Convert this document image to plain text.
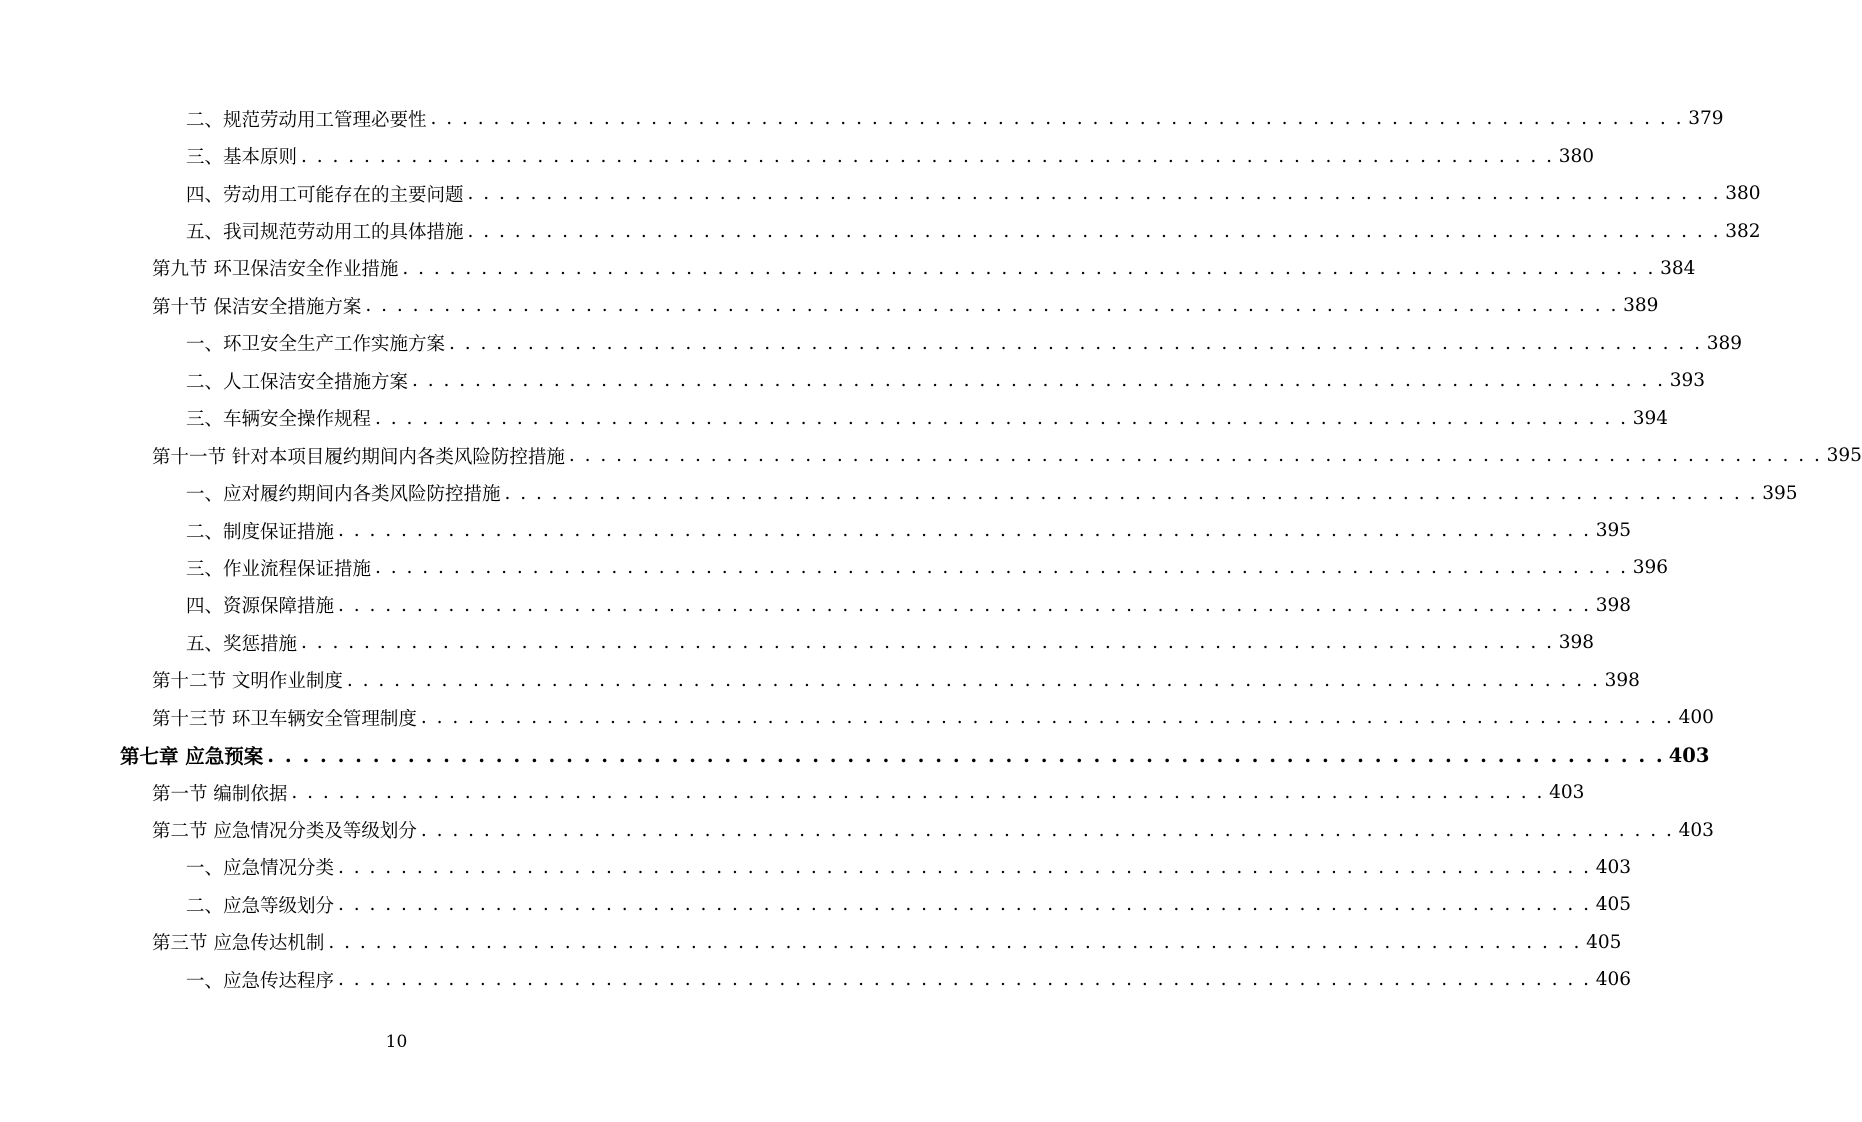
二、规范劳动用工管理必要性 . . . . . . . . . . . . . . . . . . . . . . . . . . . . . . . . . . . . . . . . . . . . . . . . . . . . . . . . . . . . . . . . . . . . . . . . . . . . . . . . 379
三、基本原则 . . . . . . . . . . . . . . . . . . . . . . . . . . . . . . . . . . . . . . . . . . . . . . . . . . . . . . . . . . . . . . . . . . . . . . . . . . . . . . . . 380
四、劳动用工可能存在的主要问题 . . . . . . . . . . . . . . . . . . . . . . . . . . . . . . . . . . . . . . . . . . . . . . . . . . . . . . . . . . . . . . . . . . . . . . . . . . . . . . . . 380
五、我司规范劳动用工的具体措施 . . . . . . . . . . . . . . . . . . . . . . . . . . . . . . . . . . . . . . . . . . . . . . . . . . . . . . . . . . . . . . . . . . . . . . . . . . . . . . . . 382
第九节 环卫保洁安全作业措施 . . . . . . . . . . . . . . . . . . . . . . . . . . . . . . . . . . . . . . . . . . . . . . . . . . . . . . . . . . . . . . . . . . . . . . . . . . . . . . . . 384
第十节 保洁安全措施方案 . . . . . . . . . . . . . . . . . . . . . . . . . . . . . . . . . . . . . . . . . . . . . . . . . . . . . . . . . . . . . . . . . . . . . . . . . . . . . . . . 389
一、环卫安全生产工作实施方案 . . . . . . . . . . . . . . . . . . . . . . . . . . . . . . . . . . . . . . . . . . . . . . . . . . . . . . . . . . . . . . . . . . . . . . . . . . . . . . . . 389
二、人工保洁安全措施方案 . . . . . . . . . . . . . . . . . . . . . . . . . . . . . . . . . . . . . . . . . . . . . . . . . . . . . . . . . . . . . . . . . . . . . . . . . . . . . . . . 393
三、车辆安全操作规程 . . . . . . . . . . . . . . . . . . . . . . . . . . . . . . . . . . . . . . . . . . . . . . . . . . . . . . . . . . . . . . . . . . . . . . . . . . . . . . . . 394
第十一节 针对本项目履约期间内各类风险防控措施 . . . . . . . . . . . . . . . . . . . . . . . . . . . . . . . . . . . . . . . . . . . . . . . . . . . . . . . . . . . . . . . . . . . . . . . . . . . . . . . . 395
一、应对履约期间内各类风险防控措施 . . . . . . . . . . . . . . . . . . . . . . . . . . . . . . . . . . . . . . . . . . . . . . . . . . . . . . . . . . . . . . . . . . . . . . . . . . . . . . . . 395
二、制度保证措施 . . . . . . . . . . . . . . . . . . . . . . . . . . . . . . . . . . . . . . . . . . . . . . . . . . . . . . . . . . . . . . . . . . . . . . . . . . . . . . . . 395
三、作业流程保证措施 . . . . . . . . . . . . . . . . . . . . . . . . . . . . . . . . . . . . . . . . . . . . . . . . . . . . . . . . . . . . . . . . . . . . . . . . . . . . . . . . 396
四、资源保障措施 . . . . . . . . . . . . . . . . . . . . . . . . . . . . . . . . . . . . . . . . . . . . . . . . . . . . . . . . . . . . . . . . . . . . . . . . . . . . . . . . 398
五、奖惩措施 . . . . . . . . . . . . . . . . . . . . . . . . . . . . . . . . . . . . . . . . . . . . . . . . . . . . . . . . . . . . . . . . . . . . . . . . . . . . . . . . 398
第十二节 文明作业制度 . . . . . . . . . . . . . . . . . . . . . . . . . . . . . . . . . . . . . . . . . . . . . . . . . . . . . . . . . . . . . . . . . . . . . . . . . . . . . . . . 398
第十三节 环卫车辆安全管理制度 . . . . . . . . . . . . . . . . . . . . . . . . . . . . . . . . . . . . . . . . . . . . . . . . . . . . . . . . . . . . . . . . . . . . . . . . . . . . . . . . 400
第七章 应急预案 . . . . . . . . . . . . . . . . . . . . . . . . . . . . . . . . . . . . . . . . . . . . . . . . . . . . . . . . . . . . . . . . . . . . . . . . . . . . . . . . 403
第一节 编制依据 . . . . . . . . . . . . . . . . . . . . . . . . . . . . . . . . . . . . . . . . . . . . . . . . . . . . . . . . . . . . . . . . . . . . . . . . . . . . . . . . 403
第二节 应急情况分类及等级划分 . . . . . . . . . . . . . . . . . . . . . . . . . . . . . . . . . . . . . . . . . . . . . . . . . . . . . . . . . . . . . . . . . . . . . . . . . . . . . . . . 403
一、应急情况分类 . . . . . . . . . . . . . . . . . . . . . . . . . . . . . . . . . . . . . . . . . . . . . . . . . . . . . . . . . . . . . . . . . . . . . . . . . . . . . . . . 403
二、应急等级划分 . . . . . . . . . . . . . . . . . . . . . . . . . . . . . . . . . . . . . . . . . . . . . . . . . . . . . . . . . . . . . . . . . . . . . . . . . . . . . . . . 405
第三节 应急传达机制 . . . . . . . . . . . . . . . . . . . . . . . . . . . . . . . . . . . . . . . . . . . . . . . . . . . . . . . . . . . . . . . . . . . . . . . . . . . . . . . . 405
一、应急传达程序 . . . . . . . . . . . . . . . . . . . . . . . . . . . . . . . . . . . . . . . . . . . . . . . . . . . . . . . . . . . . . . . . . . . . . . . . . . . . . . . . 406
10
